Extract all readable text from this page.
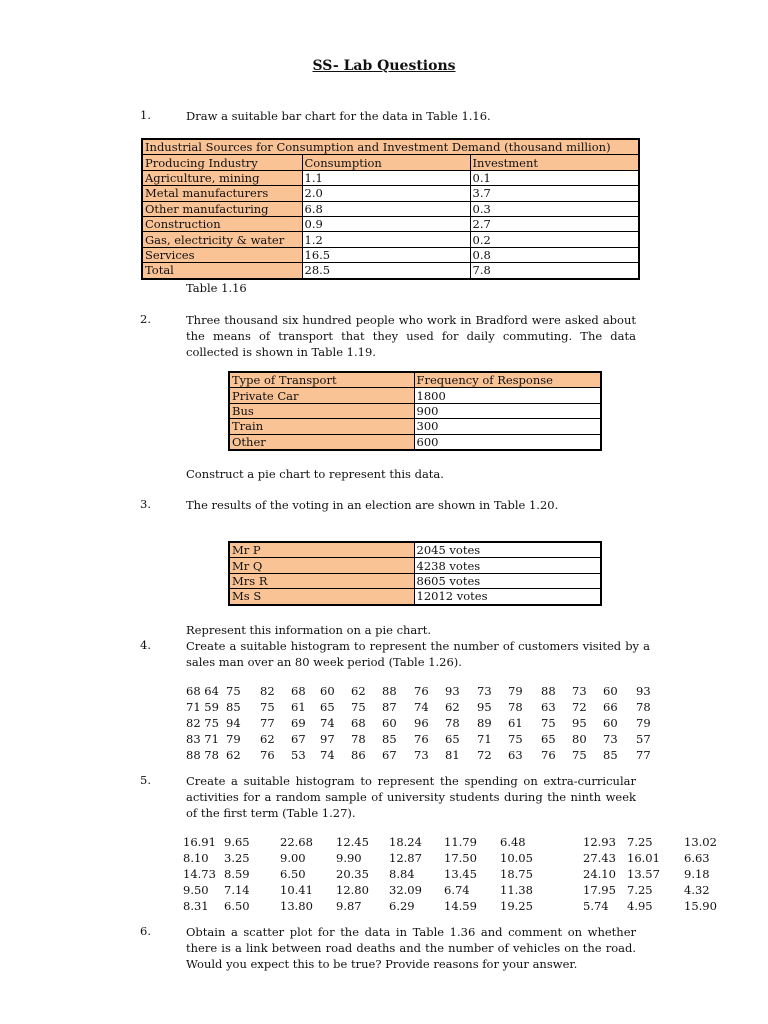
SS- Lab Questions
1.	Draw a suitable bar chart for the data in Table 1.16.
Industrial Sources for Consumption and Investment Demand (thousand million)		
Producing Industry	Consumption	Investment
Agriculture, mining	1.1	0.1
Metal manufacturers	2.0	3.7
Other manufacturing	6.8	0.3
Construction	0.9	2.7
Gas, electricity & water	1.2	0.2
Services	16.5	0.8
Total	28.5	7.8
Table 1.16
2.	Three thousand six hundred people who work in Bradford were asked about the means of transport that they used for daily commuting. The data collected is shown in Table 1.19.
Type of Transport	Frequency of Response
Private Car	1800
Bus	900
Train	300
Other	600
Construct a pie chart to represent this data.
3.	The results of the voting in an election are shown in Table 1.20.
Mr P	2045 votes
Mr Q	4238 votes
Mrs R	8605 votes
Ms S	12012 votes
Represent this information on a pie chart.
4.	Create a suitable histogram to represent the number of customers visited by a sales man over an 80 week period (Table 1.26).
68 64	75	82	68	60	62	88	76	93	73	79	88	73	60	93
71 59	85	75	61	65	75	87	74	62	95	78	63	72	66	78
82 75	94	77	69	74	68	60	96	78	89	61	75	95	60	79
83 71	79	62	67	97	78	85	76	65	71	75	65	80	73	57
88 78	62	76	53	74	86	67	73	81	72	63	76	75	85	77
5.	Create a suitable histogram to represent the spending on extra-curricular activities for a random sample of university students during the ninth week of the first term (Table 1.27).
16.91	9.65	22.68	12.45	18.24	11.79	6.48	12.93	7.25	13.02
8.10	3.25	9.00	9.90	12.87	17.50	10.05	27.43	16.01	6.63
14.73	8.59	6.50	20.35	8.84	13.45	18.75	24.10	13.57	9.18
9.50	7.14	10.41	12.80	32.09	6.74	11.38	17.95	7.25	4.32
8.31	6.50	13.80	9.87	6.29	14.59	19.25	5.74	4.95	15.90
6.	Obtain a scatter plot for the data in Table 1.36 and comment on whether there is a link between road deaths and the number of vehicles on the road. Would you expect this to be true? Provide reasons for your answer.
